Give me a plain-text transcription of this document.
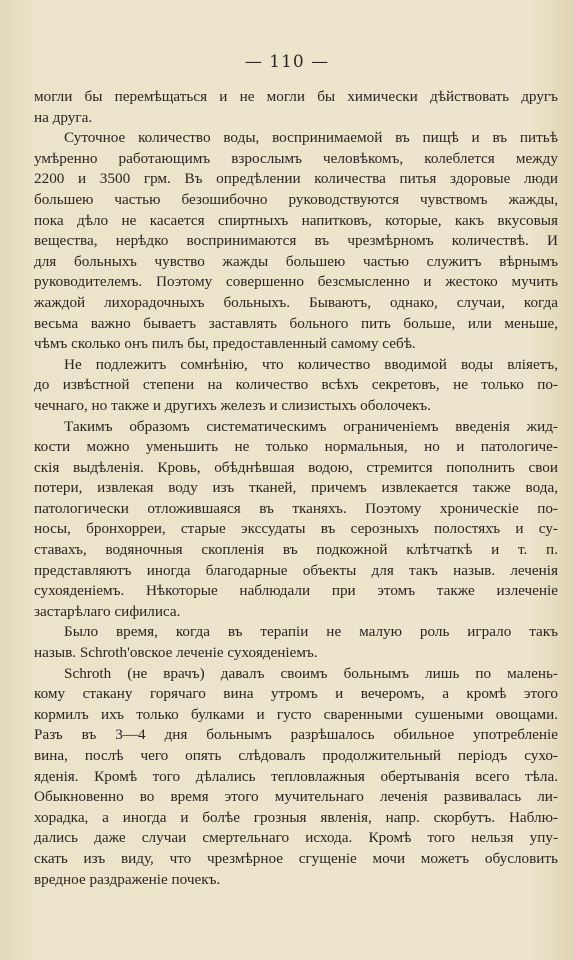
— 110 —
могли бы перемѣщаться и не могли бы химически дѣйствовать другъ
на друга.
Суточное количество воды, воспринимаемой въ пищѣ и въ питьѣ
умѣренно работающимъ взрослымъ человѣкомъ, колеблется между
2200 и 3500 грм. Въ опредѣлении количества питья здоровые люди
большею частью безошибочно руководствуются чувствомъ жажды,
пока дѣло не касается спиртныхъ напитковъ, которые, какъ вкусовыя
вещества, нерѣдко воспринимаются въ чрезмѣрномъ количествѣ. И
для больныхъ чувство жажды большею частью служитъ вѣрнымъ
руководителемъ. Поэтому совершенно безсмысленно и жестоко мучить
жаждой лихорадочныхъ больныхъ. Бываютъ, однако, случаи, когда
весьма важно бываетъ заставлять больного пить больше, или меньше,
чѣмъ сколько онъ пилъ бы, предоставленный самому себѣ.
Не подлежитъ сомнѣнію, что количество вводимой воды влiяетъ,
до извѣстной степени на количество всѣхъ секретовъ, не только по-
чечнаго, но также и другихъ железъ и слизистыхъ оболочекъ.
Такимъ образомъ систематическимъ ограниченiемъ введенія жид-
кости можно уменьшить не только нормальныя, но и патологиче-
скія выдѣленія. Кровь, обѣднѣвшая водою, стремится пополнить свои
потери, извлекая воду изъ тканей, причемъ извлекается также вода,
патологически отложившаяся въ тканяхъ. Поэтому хроническіе по-
носы, бронхорреи, старые экссудаты въ серозныхъ полостяхъ и су-
ставахъ, водяночныя скопленія въ подкожной клѣтчаткѣ и т. п.
представляютъ иногда благодарные объекты для такъ назыв. леченія
сухояденіемъ. Нѣкоторые наблюдали при этомъ также излеченіе
застарѣлаго сифилиса.
Было время, когда въ терапіи не малую роль играло такъ
назыв. Schroth'овское леченіе сухояденіемъ.
Schroth (не врачъ) давалъ своимъ больнымъ лишь по малень-
кому стакану горячаго вина утромъ и вечеромъ, а кромѣ этого
кормилъ ихъ только булками и густо сваренными сушеными овощами.
Разъ въ 3—4 дня больнымъ разрѣшалось обильное употребленіе
вина, послѣ чего опять слѣдовалъ продолжительный періодъ сухо-
яденія. Кромѣ того дѣлались тепловлажныя обертыванія всего тѣла.
Обыкновенно во время этого мучительнаго леченія развивалась ли-
хорадка, а иногда и болѣе грозныя явленія, напр. скорбутъ. Наблю-
дались даже случаи смертельнаго исхода. Кромѣ того нельзя упу-
скать изъ виду, что чрезмѣрное сгущеніе мочи можетъ обусловить
вредное раздраженіе почекъ.
